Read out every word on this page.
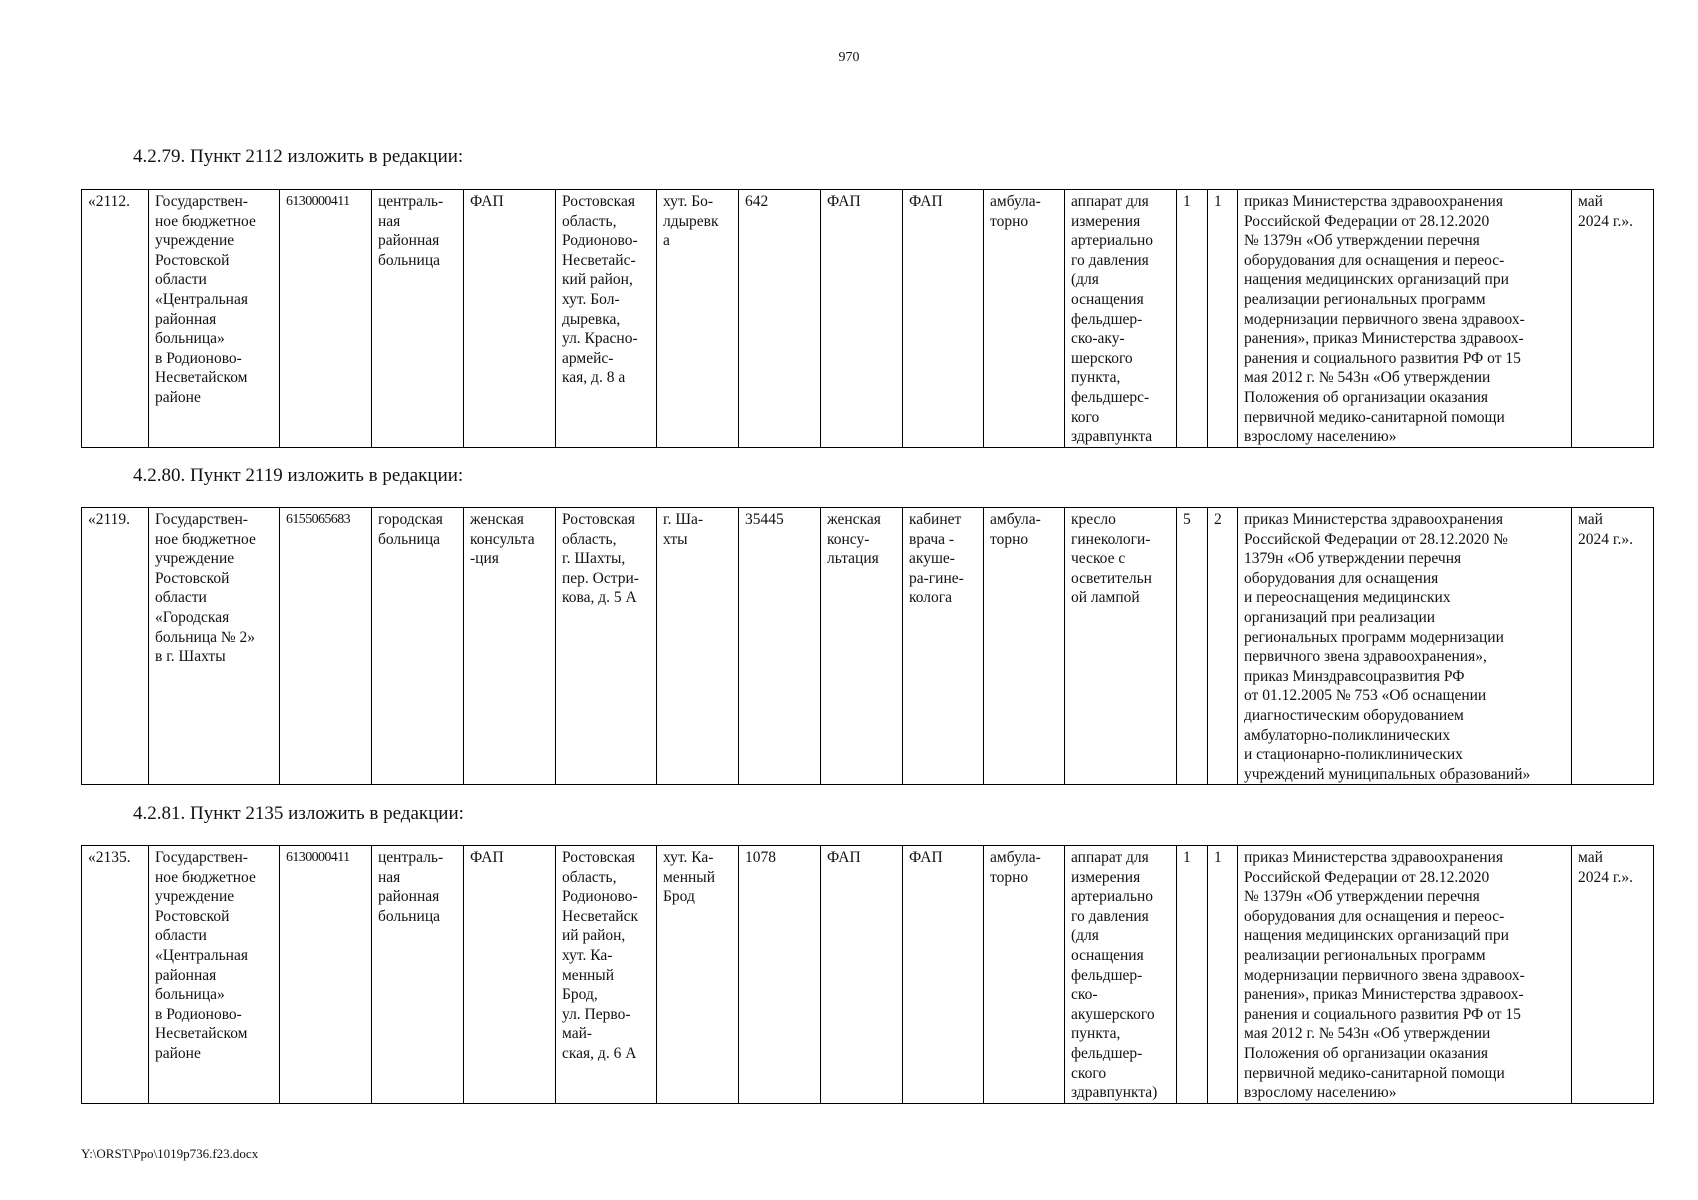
970
4.2.79. Пункт 2112 изложить в редакции:
«2112.	Государствен-
ное бюджетное
учреждение
Ростовской
области
«Центральная
районная
больница»
в Родионово-
Несветайском
районе	6130000411	централь-
ная
районная
больница	ФАП	Ростовская
область,
Родионово-
Несветайс-
кий район,
хут. Бол-
дыревка,
ул. Красно-
армейс-
кая, д. 8 а	хут. Бо-
лдыревк
а	642	ФАП	ФАП	амбула-
торно	аппарат для
измерения
артериально
го давления
(для
оснащения
фельдшер-
ско-аку-
шерского
пункта,
фельдшерс-
кого
здравпункта	1	1	приказ Министерства здравоохранения
Российской Федерации от 28.12.2020
№ 1379н «Об утверждении перечня
оборудования для оснащения и переос-
нащения медицинских организаций при
реализации региональных программ
модернизации первичного звена здравоох-
ранения», приказ Министерства здравоох-
ранения и социального развития РФ от 15
мая 2012 г. № 543н «Об утверждении
Положения об организации оказания
первичной медико-санитарной помощи
взрослому населению»	май
2024 г.».
4.2.80. Пункт 2119 изложить в редакции:
«2119.	Государствен-
ное бюджетное
учреждение
Ростовской
области
«Городская
больница № 2»
в г. Шахты	6155065683	городская
больница	женская
консульта
-ция	Ростовская
область,
г. Шахты,
пер. Остри-
кова, д. 5 А	г. Ша-
хты	35445	женская
консу-
льтация	кабинет
врача -
акуше-
ра-гине-
колога	амбула-
торно	кресло
гинекологи-
ческое с
осветительн
ой лампой	5	2	приказ Министерства здравоохранения
Российской Федерации от 28.12.2020 №
1379н «Об утверждении перечня
оборудования для оснащения
и переоснащения медицинских
организаций при реализации
региональных программ модернизации
первичного звена здравоохранения»,
приказ Минздравсоцразвития РФ
от 01.12.2005 № 753 «Об оснащении
диагностическим оборудованием
амбулаторно-поликлинических
и стационарно-поликлинических
учреждений муниципальных образований»	май
2024 г.».
4.2.81. Пункт 2135 изложить в редакции:
«2135.	Государствен-
ное бюджетное
учреждение
Ростовской
области
«Центральная
районная
больница»
в Родионово-
Несветайском
районе	6130000411	централь-
ная
районная
больница	ФАП	Ростовская
область,
Родионово-
Несветайск
ий район,
хут. Ка-
менный
Брод,
ул. Перво-
май-
ская, д. 6 А	хут. Ка-
менный
Брод	1078	ФАП	ФАП	амбула-
торно	аппарат для
измерения
артериально
го давления
(для
оснащения
фельдшер-
ско-
акушерского
пункта,
фельдшер-
ского
здравпункта)	1	1	приказ Министерства здравоохранения
Российской Федерации от 28.12.2020
№ 1379н «Об утверждении перечня
оборудования для оснащения и переос-
нащения медицинских организаций при
реализации региональных программ
модернизации первичного звена здравоох-
ранения», приказ Министерства здравоох-
ранения и социального развития РФ от 15
мая 2012 г. № 543н «Об утверждении
Положения об организации оказания
первичной медико-санитарной помощи
взрослому населению»	май
2024 г.».
Y:\ORST\Ppo\1019p736.f23.docx
